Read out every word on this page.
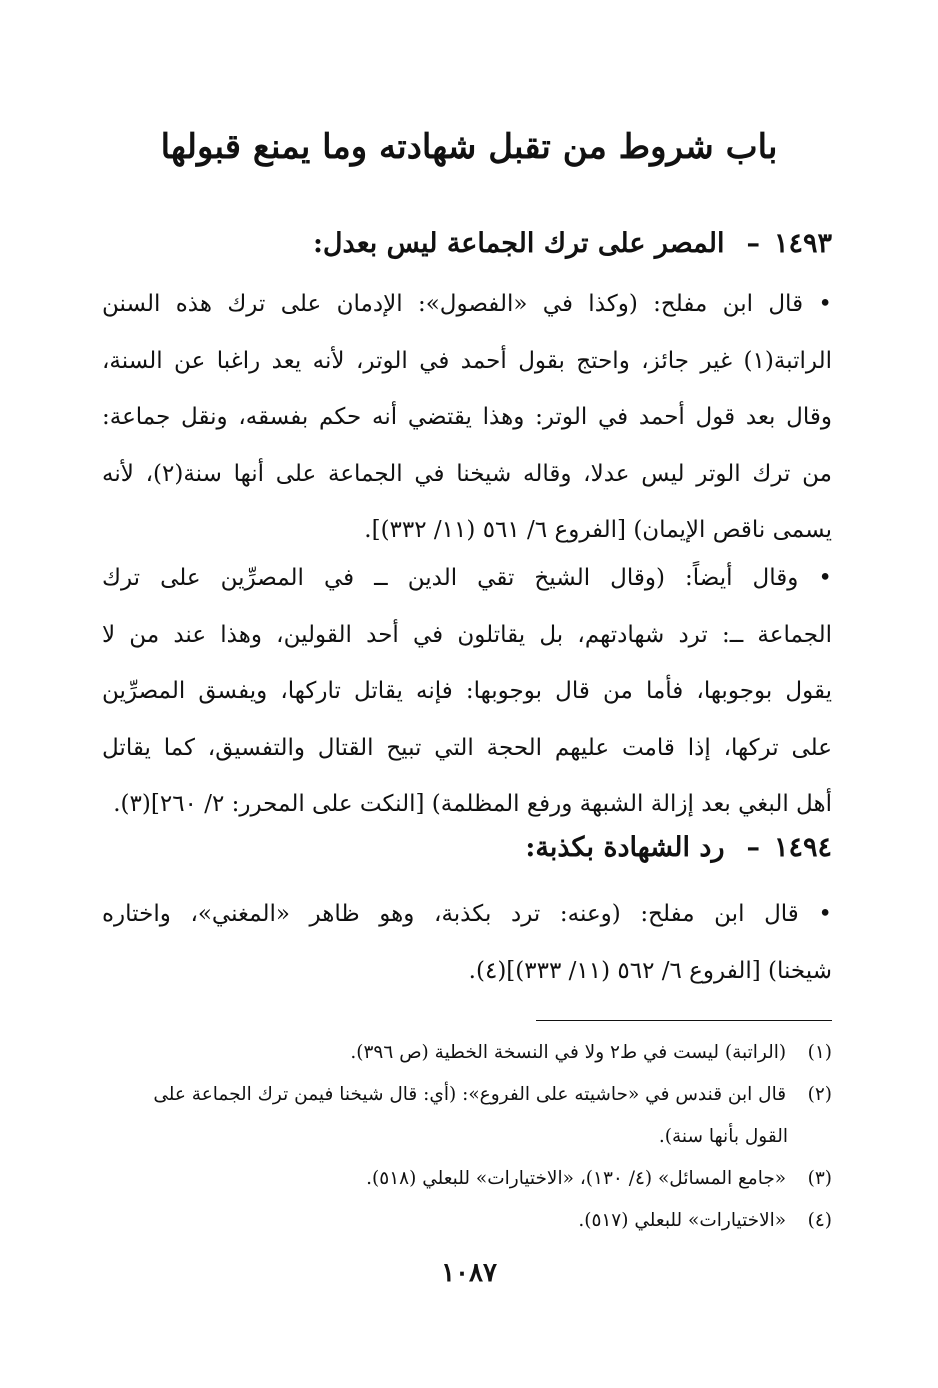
باب شروط من تقبل شهادته وما يمنع قبولها
١٤٩٣–المصر على ترك الجماعة ليس بعدل:
• قال ابن مفلح: (وكذا في «الفصول»: الإدمان على ترك هذه السنن
الراتبة(١) غير جائز، واحتج بقول أحمد في الوتر، لأنه يعد راغبا عن السنة،
وقال بعد قول أحمد في الوتر: وهذا يقتضي أنه حكم بفسقه، ونقل جماعة:
من ترك الوتر ليس عدلا، وقاله شيخنا في الجماعة على أنها سنة(٢)، لأنه
يسمى ناقص الإيمان) [الفروع ٦/ ٥٦١ (١١/ ٣٣٢)].
• وقال أيضاً: (وقال الشيخ تقي الدين ــ في المصرِّين على ترك
الجماعة ــ: ترد شهادتهم، بل يقاتلون في أحد القولين، وهذا عند من لا
يقول بوجوبها، فأما من قال بوجوبها: فإنه يقاتل تاركها، ويفسق المصرِّين
على تركها، إذا قامت عليهم الحجة التي تبيح القتال والتفسيق، كما يقاتل
أهل البغي بعد إزالة الشبهة ورفع المظلمة) [النكت على المحرر: ٢/ ٢٦٠](٣).
١٤٩٤–رد الشهادة بكذبة:
• قال ابن مفلح: (وعنه: ترد بكذبة، وهو ظاهر «المغني»، واختاره
شيخنا) [الفروع ٦/ ٥٦٢ (١١/ ٣٣٣)](٤).
(١) (الراتبة) ليست في ط٢ ولا في النسخة الخطية (ص ٣٩٦).
(٢) قال ابن قندس في «حاشيته على الفروع»: (أي: قال شيخنا فيمن ترك الجماعة على
القول بأنها سنة).
(٣) «جامع المسائل» (٤/ ١٣٠)، «الاختيارات» للبعلي (٥١٨).
(٤) «الاختيارات» للبعلي (٥١٧).
١٠٨٧
